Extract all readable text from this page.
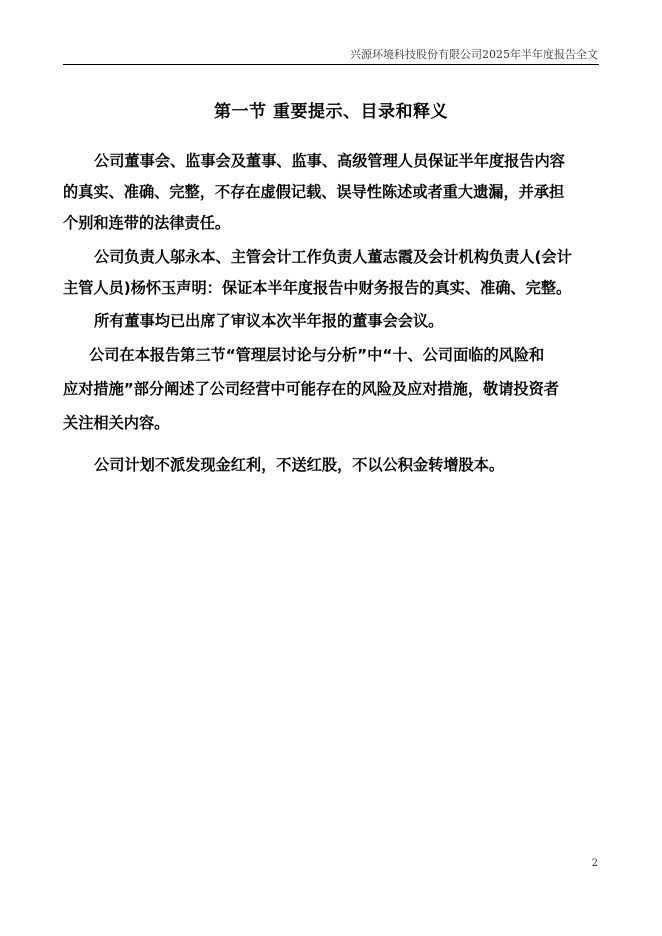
兴源环境科技股份有限公司2025年半年度报告全文
第一节 重要提示、目录和释义
公司董事会、监事会及董事、监事、高级管理人员保证半年度报告内容
的真实、准确、完整，不存在虚假记载、误导性陈述或者重大遗漏，并承担
个别和连带的法律责任。
公司负责人邬永本、主管会计工作负责人董志霞及会计机构负责人(会计
主管人员)杨怀玉声明：保证本半年度报告中财务报告的真实、准确、完整。
所有董事均已出席了审议本次半年报的董事会会议。
公司在本报告第三节“管理层讨论与分析”中“十、公司面临的风险和
应对措施”部分阐述了公司经营中可能存在的风险及应对措施，敬请投资者
关注相关内容。
公司计划不派发现金红利，不送红股，不以公积金转增股本。
2
